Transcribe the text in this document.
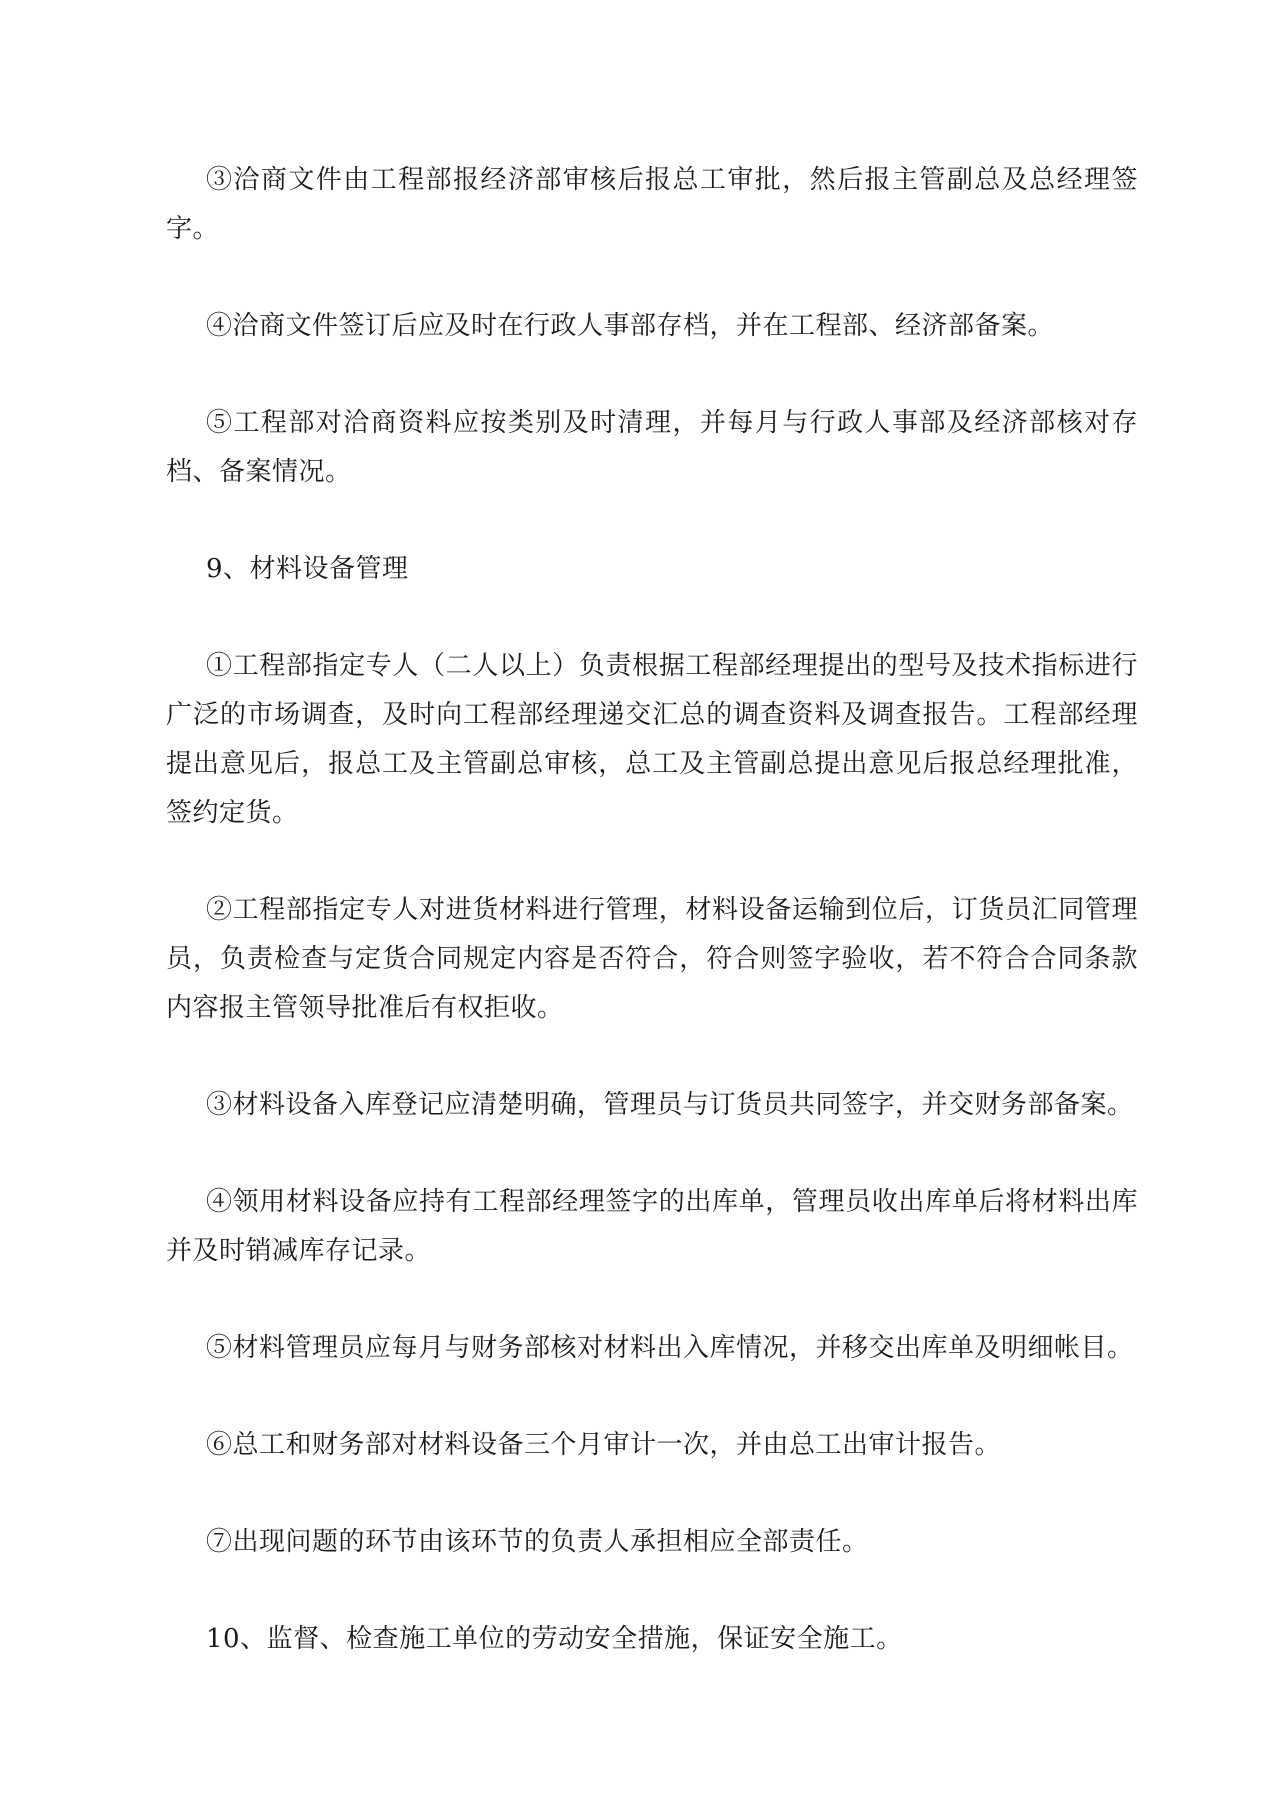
③洽商文件由工程部报经济部审核后报总工审批，然后报主管副总及总经理签字。

④洽商文件签订后应及时在行政人事部存档，并在工程部、经济部备案。

⑤工程部对洽商资料应按类别及时清理，并每月与行政人事部及经济部核对存档、备案情况。

9、材料设备管理

①工程部指定专人（二人以上）负责根据工程部经理提出的型号及技术指标进行广泛的市场调查，及时向工程部经理递交汇总的调查资料及调查报告。工程部经理提出意见后，报总工及主管副总审核，总工及主管副总提出意见后报总经理批准，签约定货。

②工程部指定专人对进货材料进行管理，材料设备运输到位后，订货员汇同管理员，负责检查与定货合同规定内容是否符合，符合则签字验收，若不符合合同条款内容报主管领导批准后有权拒收。

③材料设备入库登记应清楚明确，管理员与订货员共同签字，并交财务部备案。

④领用材料设备应持有工程部经理签字的出库单，管理员收出库单后将材料出库并及时销减库存记录。

⑤材料管理员应每月与财务部核对材料出入库情况，并移交出库单及明细帐目。

⑥总工和财务部对材料设备三个月审计一次，并由总工出审计报告。

⑦出现问题的环节由该环节的负责人承担相应全部责任。

10、监督、检查施工单位的劳动安全措施，保证安全施工。
